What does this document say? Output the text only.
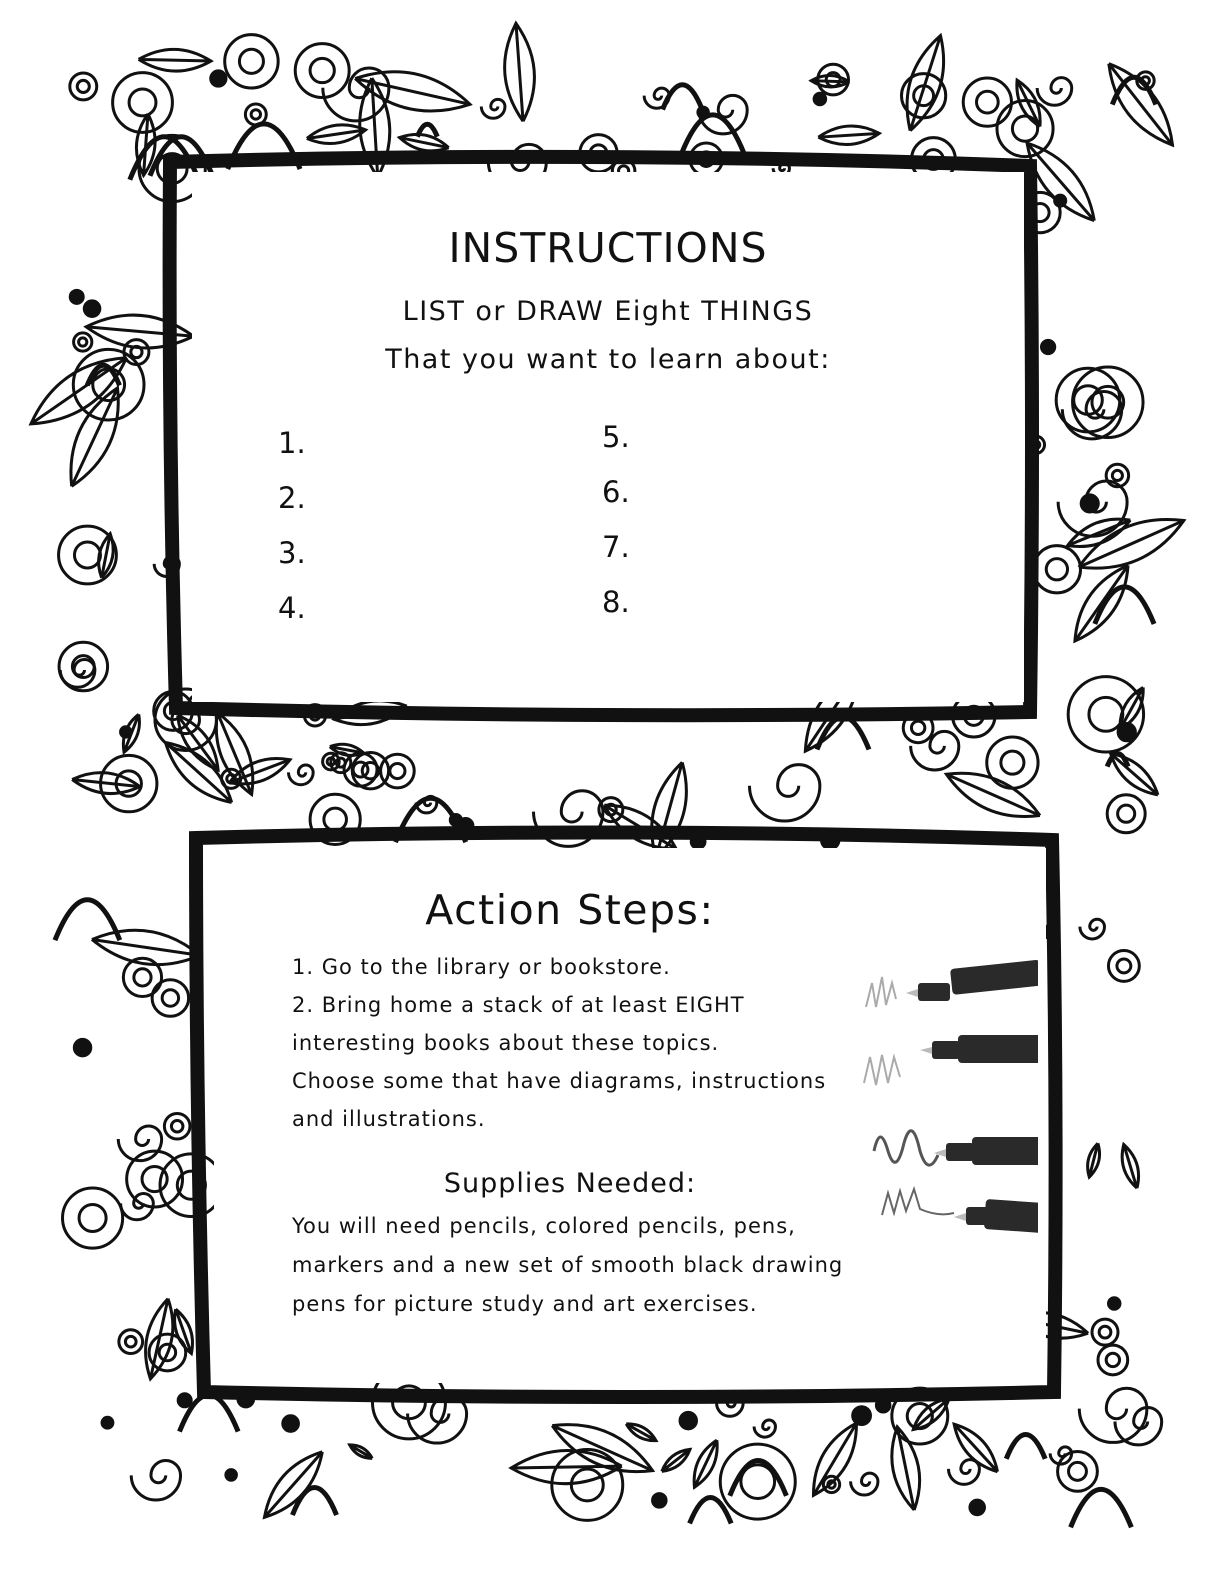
INSTRUCTIONS
LIST or DRAW Eight THINGS
That you want to learn about:
1.
2.
3.
4.
5.
6.
7.
8.
Action Steps:
1. Go to the library or bookstore.
2. Bring home a stack of at least EIGHT
interesting books about these topics.
Choose some that have diagrams, instructions
and illustrations.
Supplies Needed:
You will need pencils, colored pencils, pens,
markers and a new set of smooth black drawing
pens for picture study and art exercises.
